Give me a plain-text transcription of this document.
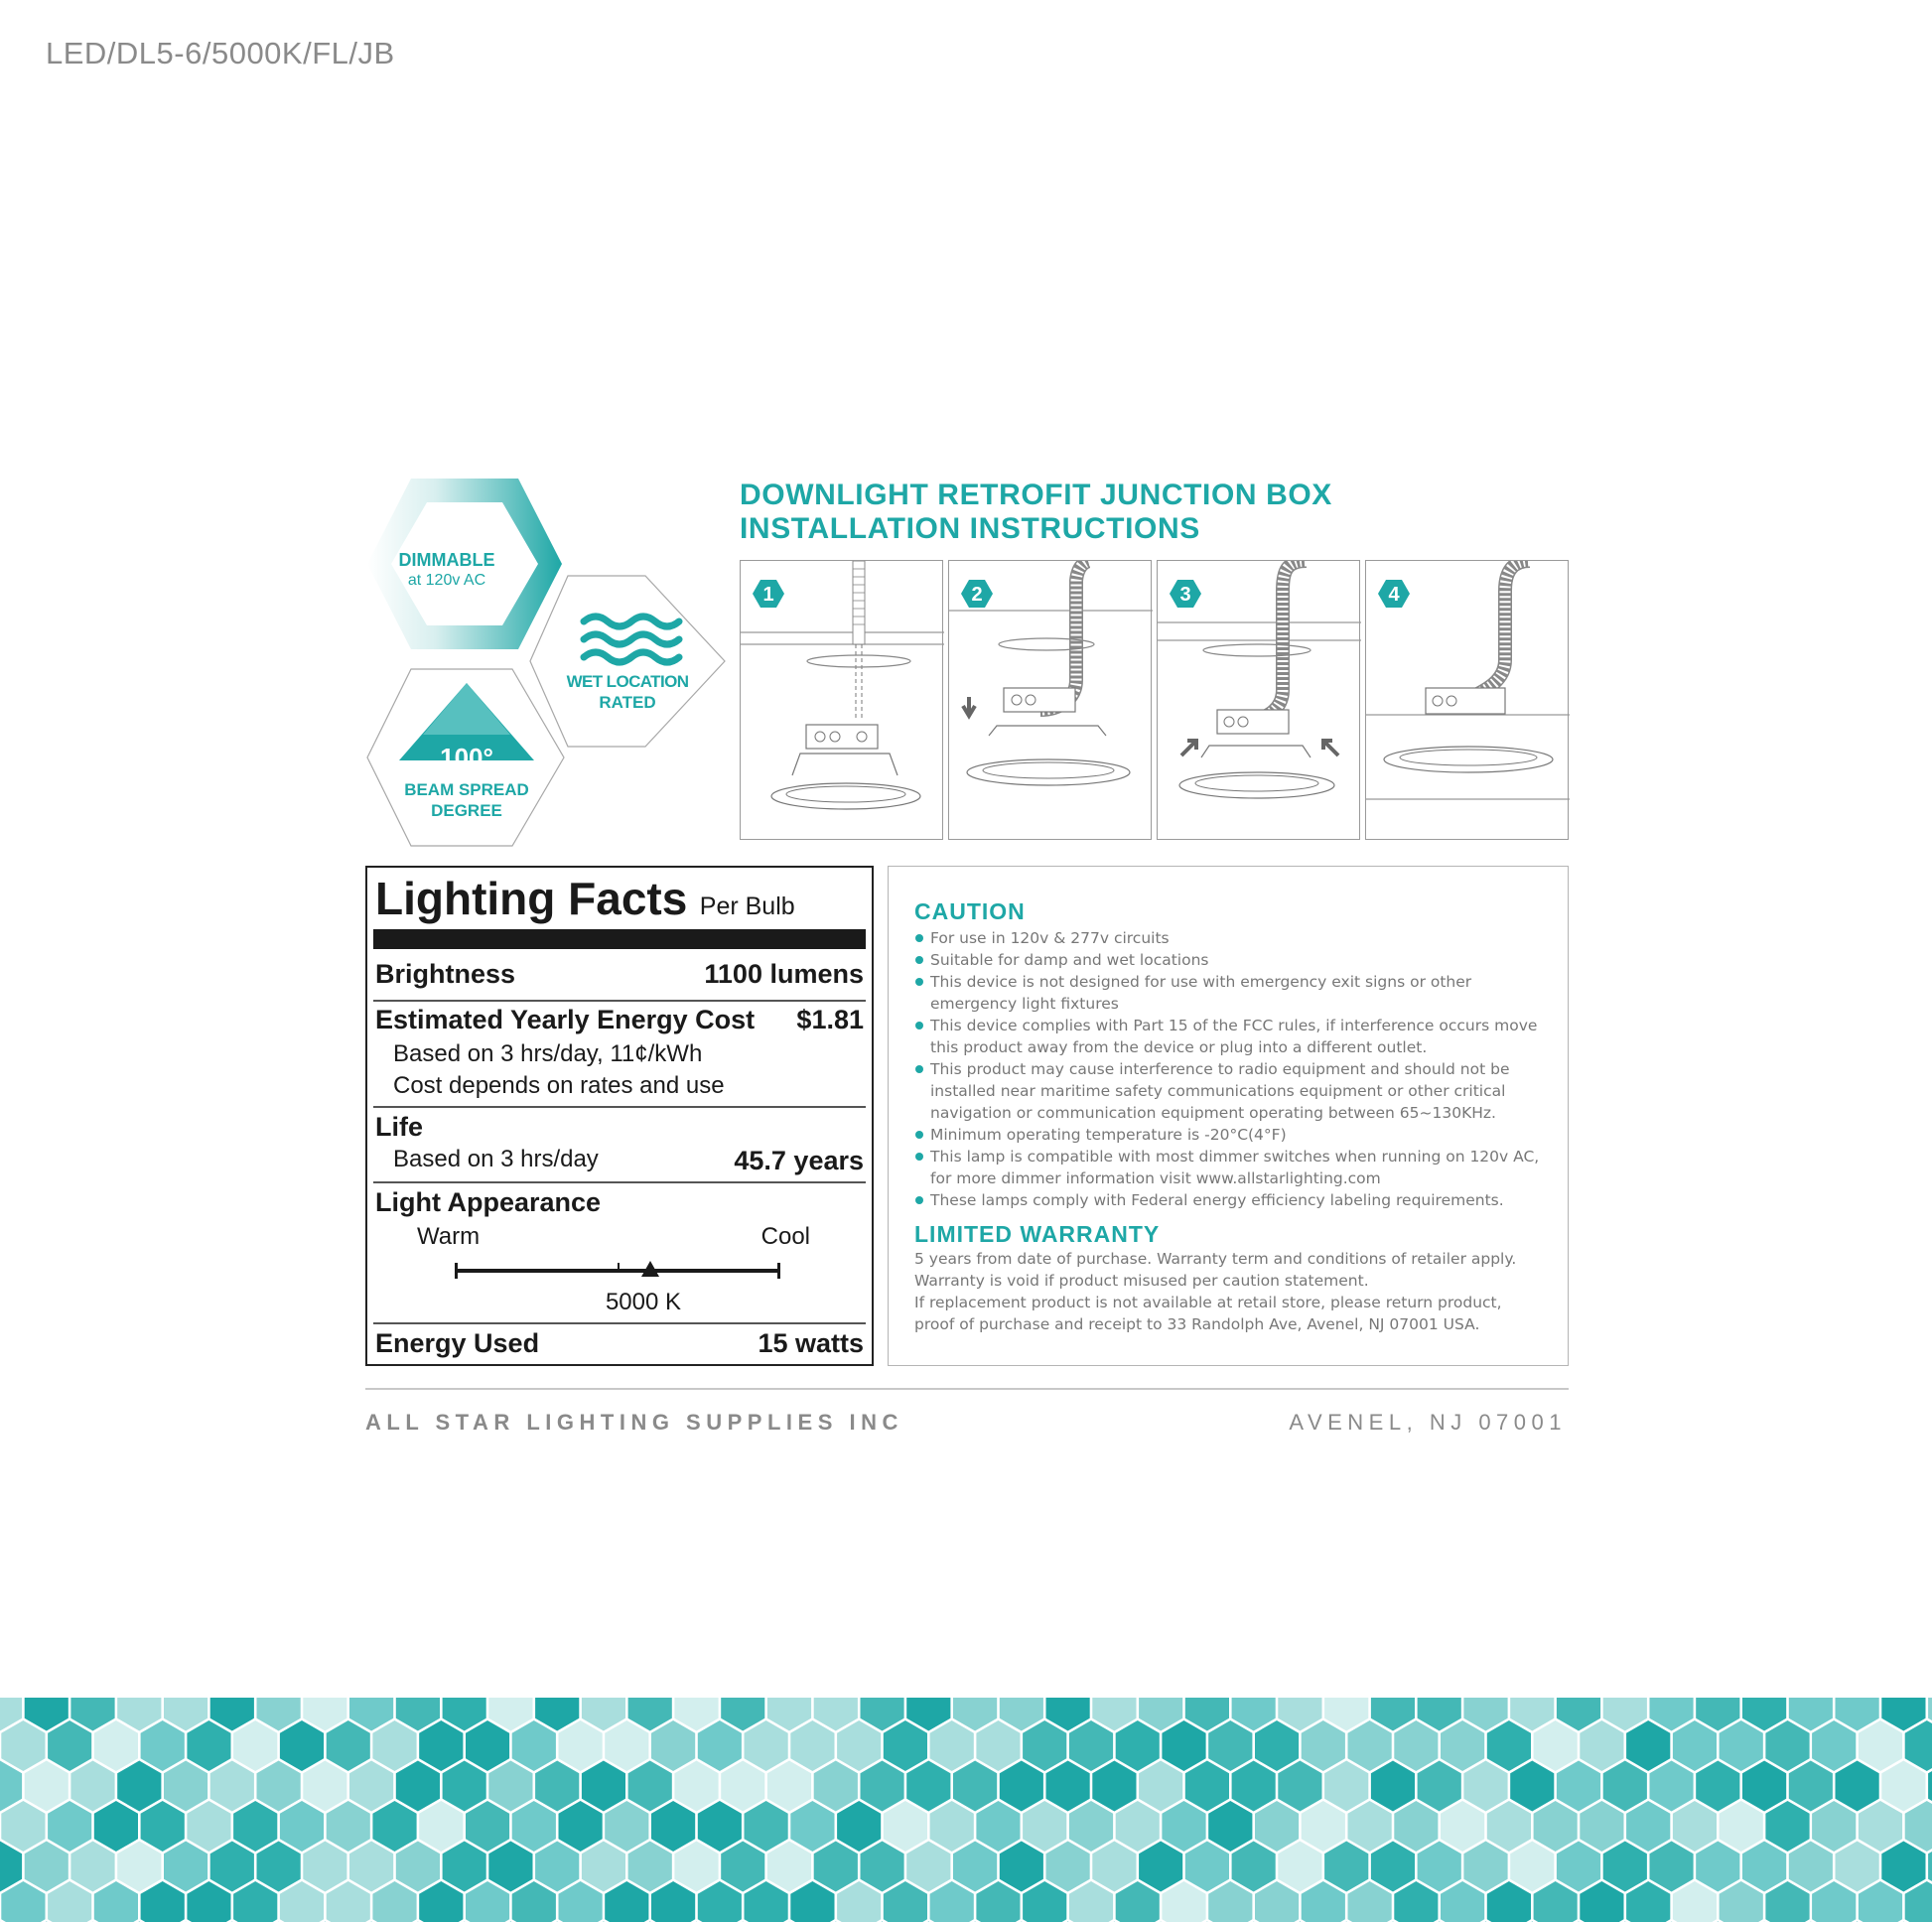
LED/DL5-6/5000K/FL/JB
DIMMABLE
at 120v AC
WET LOCATION
RATED
100°
BEAM SPREAD
DEGREE
DOWNLIGHT RETROFIT JUNCTION BOX
INSTALLATION INSTRUCTIONS
1	2	3	4
Lighting Facts Per Bulb
Brightness	1100 lumens
Estimated Yearly Energy Cost $1.81
Based on 3 hrs/day, 11¢/kWh
Cost depends on rates and use
Life
Based on 3 hrs/day	45.7 years
Light Appearance
Warm	Cool
5000 K
Energy Used	15 watts
CAUTION
For use in 120v & 277v circuits
Suitable for damp and wet locations
This device is not designed for use with emergency exit signs or other emergency light fixtures
This device complies with Part 15 of the FCC rules, if interference occurs move this product away from the device or plug into a different outlet.
This product may cause interference to radio equipment and should not be installed near maritime safety communications equipment or other critical navigation or communication equipment operating between 65~130KHz.
Minimum operating temperature is -20°C(4°F)
This lamp is compatible with most dimmer switches when running on 120v AC, for more dimmer information visit www.allstarlighting.com
These lamps comply with Federal energy efficiency labeling requirements.
LIMITED WARRANTY
5 years from date of purchase. Warranty term and conditions of retailer apply.
Warranty is void if product misused per caution statement.
If replacement product is not available at retail store, please return product,
proof of purchase and receipt to 33 Randolph Ave, Avenel, NJ 07001 USA.
ALL STAR LIGHTING SUPPLIES INC	AVENEL, NJ 07001
